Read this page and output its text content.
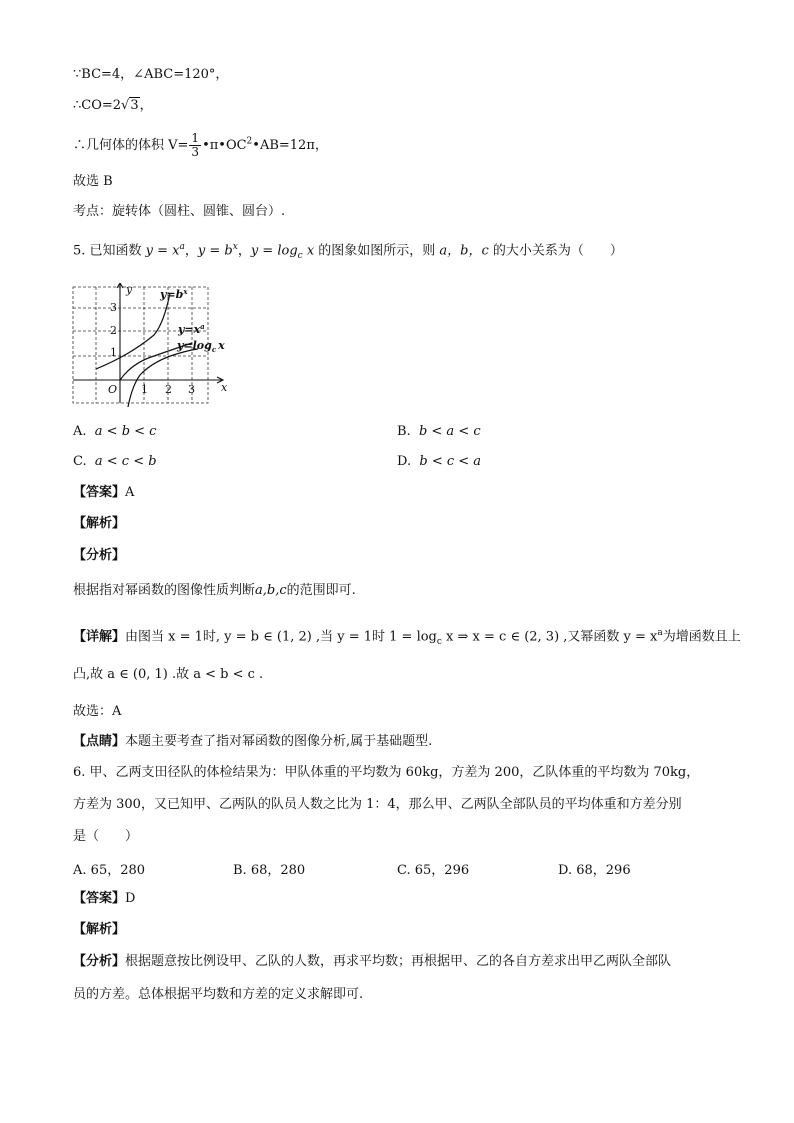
∵BC=4，∠ABC=120°，
∴CO=2√3，
∴几何体的体积 $V= \frac{1}{3}$ $•\pi•OC^2•AB=12\pi$，
故选 B
考点：旋转体（圆柱、圆锥、圆台）.
5. 已知函数 $y = x^a$，$y = b^x$，$y = \log_c x$ 的图象如图所示，则 a，b，c 的大小关系为（　　）
y
x
O
1
2
3
1 2 3
$y=b^x$
$y=x^a$
$y=\log_c$ x
A. a < b < c	B. b < a < c
C. a < c < b	D. b < c < a
【答案】A
【解析】
【分析】
根据指对幂函数的图像性质判断a,b,c的范围即可.
【详解】由图当 x = 1时, y = b ∈ (1, 2) ,当 y = 1时 $1 = \log_c x$ ⇒ x = c ∈ (2, 3) ,又幂函数 $y = x^a$为增函数且上
凸,故 a ∈ (0, 1) .故 a < b < c .
故选：A
【点睛】本题主要考查了指对幂函数的图像分析,属于基础题型.
6. 甲、乙两支田径队的体检结果为：甲队体重的平均数为 60kg，方差为 200，乙队体重的平均数为 70kg，
方差为 300，又已知甲、乙两队的队员人数之比为 1：4，那么甲、乙两队全部队员的平均体重和方差分别
是（　　）
A. 65，280	B. 68，280	C. 65，296	D. 68，296
【答案】D
【解析】
【分析】根据题意按比例设甲、乙队的人数，再求平均数；再根据甲、乙的各自方差求出甲乙两队全部队
员的方差。总体根据平均数和方差的定义求解即可.
